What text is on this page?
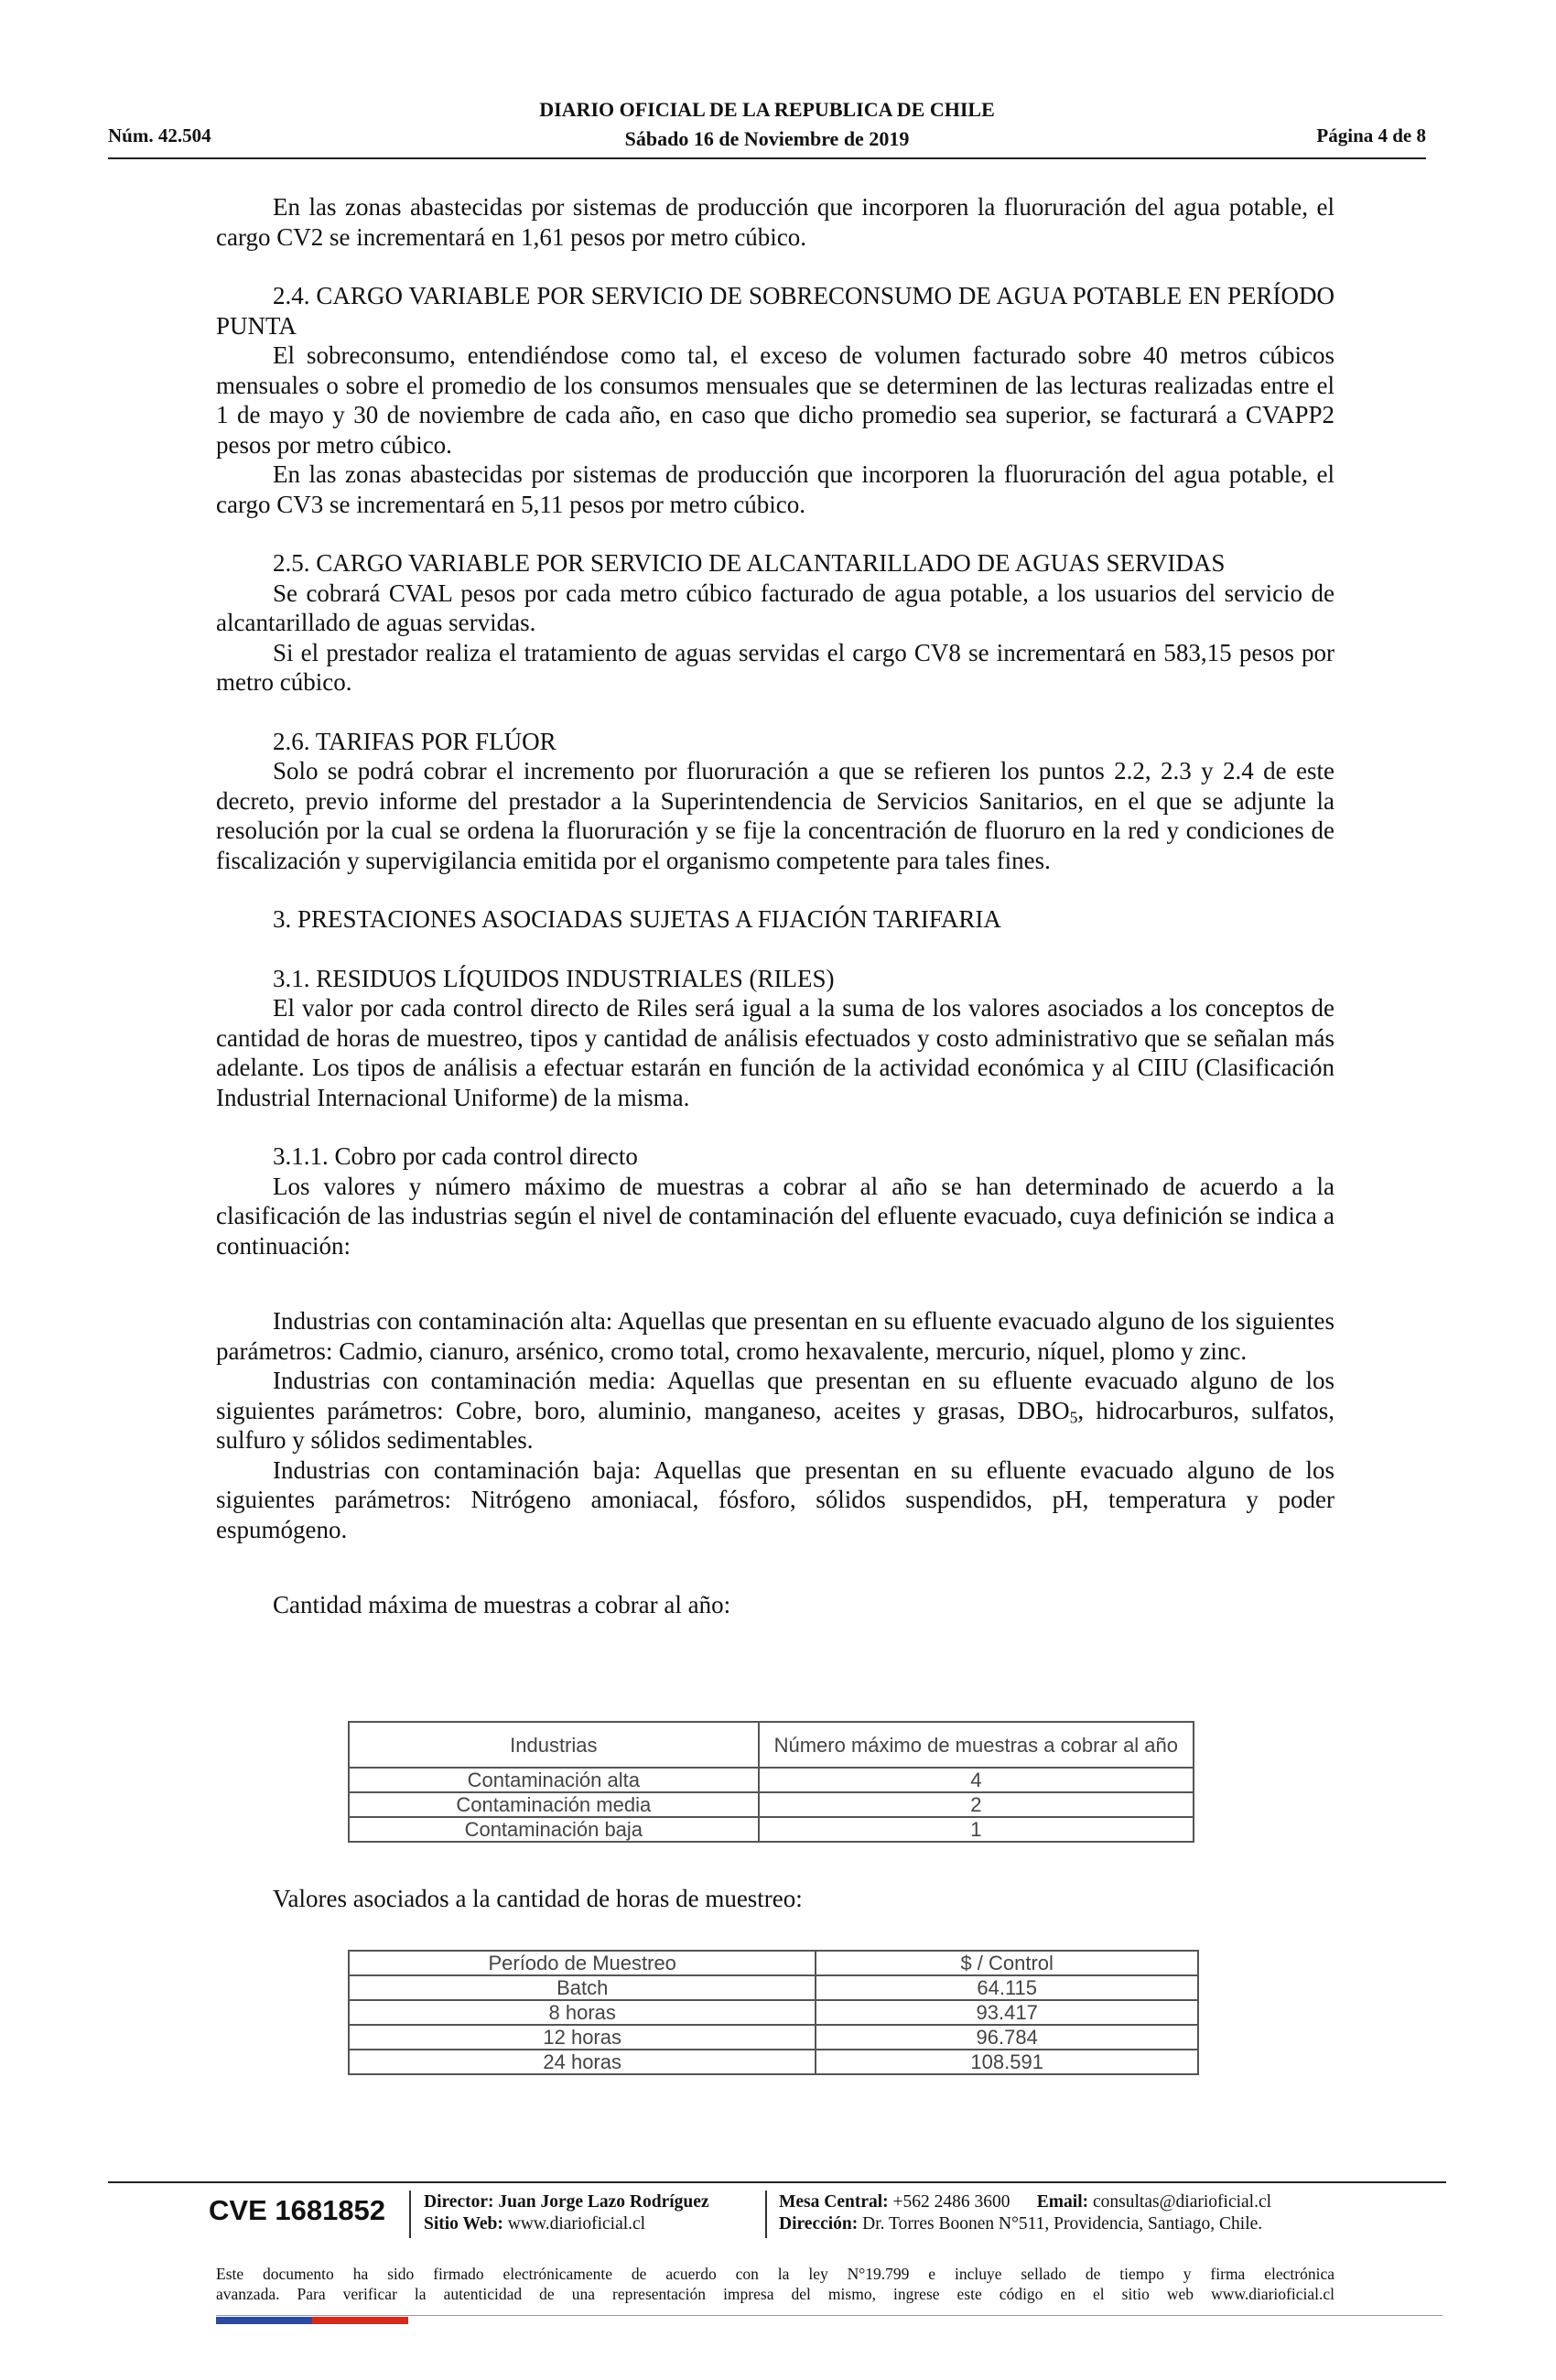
Núm. 42.504
DIARIO OFICIAL DE LA REPUBLICA DE CHILE
Sábado 16 de Noviembre de 2019	Página 4 de 8

En las zonas abastecidas por sistemas de producción que incorporen la fluoruración del agua potable, el cargo CV2 se incrementará en 1,61 pesos por metro cúbico.

2.4. CARGO VARIABLE POR SERVICIO DE SOBRECONSUMO DE AGUA POTABLE EN PERÍODO PUNTA

El sobreconsumo, entendiéndose como tal, el exceso de volumen facturado sobre 40 metros cúbicos mensuales o sobre el promedio de los consumos mensuales que se determinen de las lecturas realizadas entre el 1 de mayo y 30 de noviembre de cada año, en caso que dicho promedio sea superior, se facturará a CVAPP2 pesos por metro cúbico.

En las zonas abastecidas por sistemas de producción que incorporen la fluoruración del agua potable, el cargo CV3 se incrementará en 5,11 pesos por metro cúbico.

2.5. CARGO VARIABLE POR SERVICIO DE ALCANTARILLADO DE AGUAS SERVIDAS

Se cobrará CVAL pesos por cada metro cúbico facturado de agua potable, a los usuarios del servicio de alcantarillado de aguas servidas.

Si el prestador realiza el tratamiento de aguas servidas el cargo CV8 se incrementará en 583,15 pesos por metro cúbico.

2.6. TARIFAS POR FLÚOR

Solo se podrá cobrar el incremento por fluoruración a que se refieren los puntos 2.2, 2.3 y 2.4 de este decreto, previo informe del prestador a la Superintendencia de Servicios Sanitarios, en el que se adjunte la resolución por la cual se ordena la fluoruración y se fije la concentración de fluoruro en la red y condiciones de fiscalización y supervigilancia emitida por el organismo competente para tales fines.

3. PRESTACIONES ASOCIADAS SUJETAS A FIJACIÓN TARIFARIA

3.1. RESIDUOS LÍQUIDOS INDUSTRIALES (RILES)

El valor por cada control directo de Riles será igual a la suma de los valores asociados a los conceptos de cantidad de horas de muestreo, tipos y cantidad de análisis efectuados y costo administrativo que se señalan más adelante. Los tipos de análisis a efectuar estarán en función de la actividad económica y al CIIU (Clasificación Industrial Internacional Uniforme) de la misma.

3.1.1. Cobro por cada control directo

Los valores y número máximo de muestras a cobrar al año se han determinado de acuerdo a la clasificación de las industrias según el nivel de contaminación del efluente evacuado, cuya definición se indica a continuación:

Industrias con contaminación alta: Aquellas que presentan en su efluente evacuado alguno de los siguientes parámetros: Cadmio, cianuro, arsénico, cromo total, cromo hexavalente, mercurio, níquel, plomo y zinc.

Industrias con contaminación media: Aquellas que presentan en su efluente evacuado alguno de los siguientes parámetros: Cobre, boro, aluminio, manganeso, aceites y grasas, $DBO_5$, hidrocarburos, sulfatos, sulfuro y sólidos sedimentables.

Industrias con contaminación baja: Aquellas que presentan en su efluente evacuado alguno de los siguientes parámetros: Nitrógeno amoniacal, fósforo, sólidos suspendidos, pH, temperatura y poder espumógeno.

Cantidad máxima de muestras a cobrar al año:

Industrias	Número máximo de muestras a cobrar al año
Contaminación alta	4
Contaminación media	2
Contaminación baja	1

Valores asociados a la cantidad de horas de muestreo:

Período de Muestreo	$ / Control
Batch	64.115
8 horas	93.417
12 horas	96.784
24 horas	108.591
CVE 1681852 Director: Juan Jorge Lazo Rodríguez
Sitio Web: www.diarioficial.cl
Mesa Central: +562 2486 3600 Email: consultas@diarioficial.cl
Dirección: Dr. Torres Boonen N°511, Providencia, Santiago, Chile.
Este documento ha sido firmado electrónicamente de acuerdo con la ley N°19.799 e incluye sellado de tiempo y firma electrónica
avanzada. Para verificar la autenticidad de una representación impresa del mismo, ingrese este código en el sitio web www.diarioficial.cl
